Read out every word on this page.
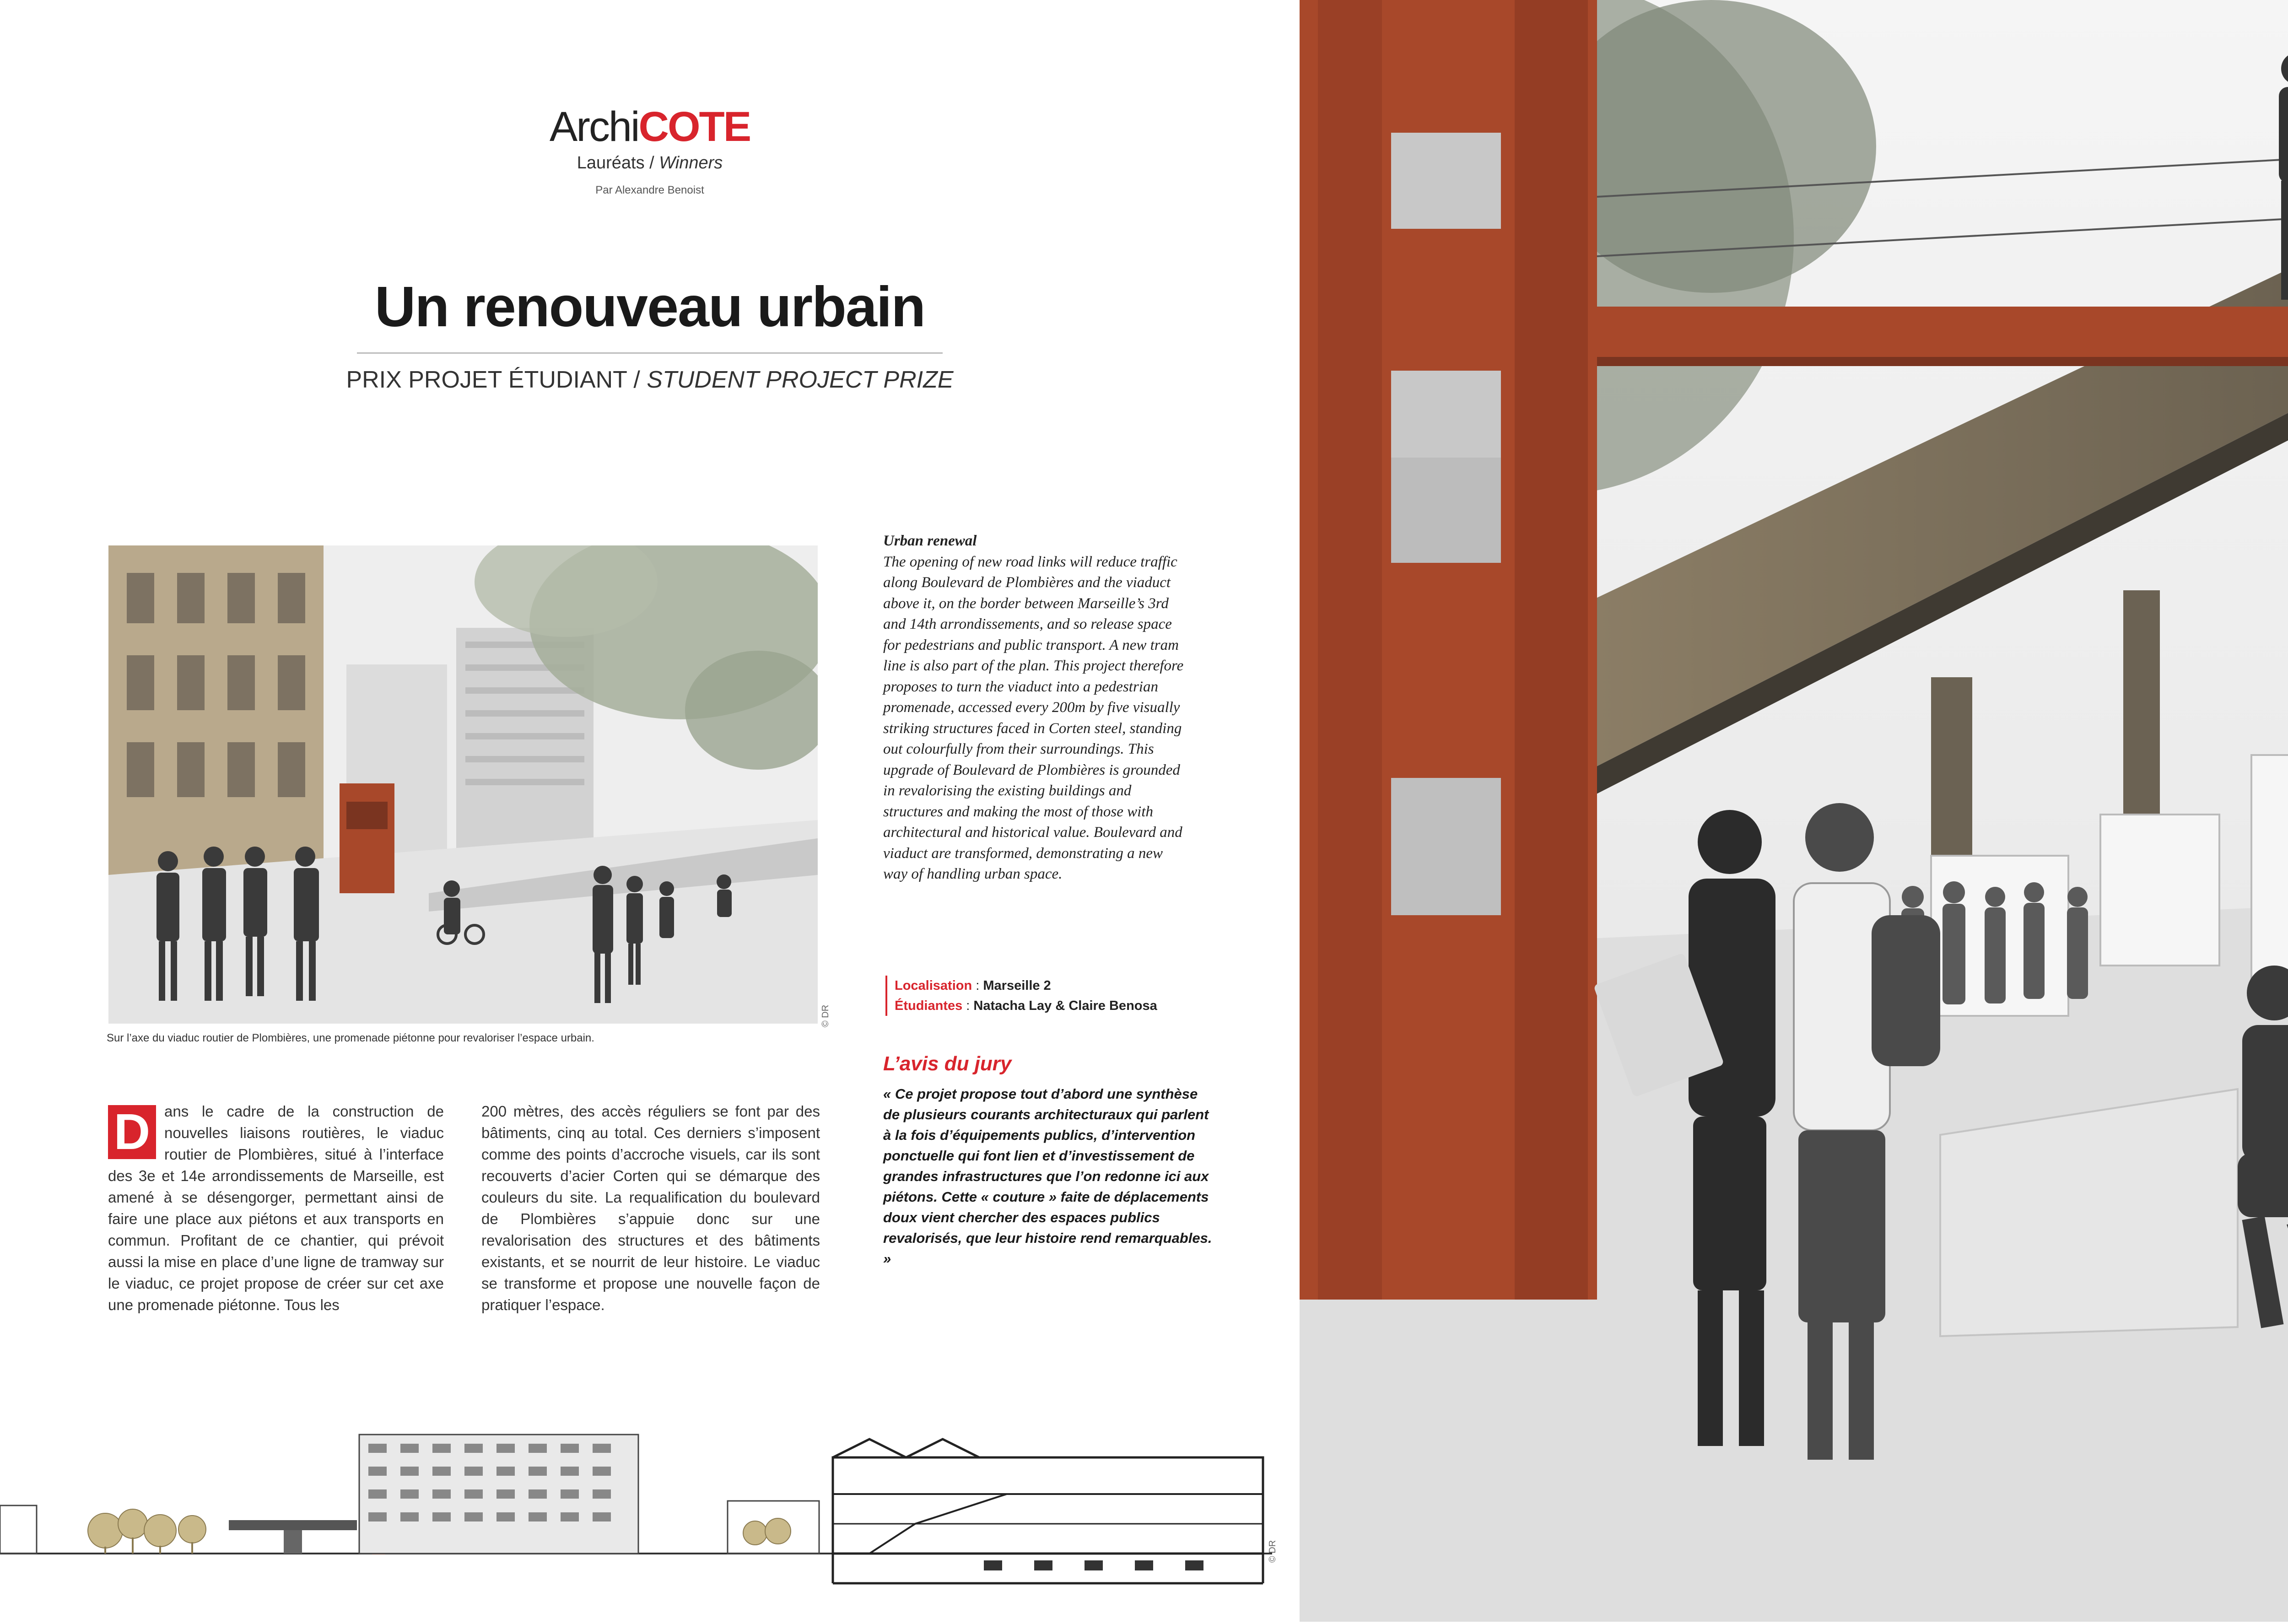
ArchiCOTE
Lauréats / Winners
Par Alexandre Benoist
Un renouveau urbain
PRIX PROJET ÉTUDIANT / STUDENT PROJECT PRIZE
Sur l’axe du viaduc routier de Plombières, une promenade piétonne pour revaloriser l’espace urbain.
© DR
D ans le cadre de la construction de nouvelles liaisons routières, le viaduc routier de Plombières, situé à l’interface des 3e et 14e arrondissements de Marseille, est amené à se désengorger, permettant ainsi de faire une place aux piétons et aux transports en commun. Profitant de ce chantier, qui prévoit aussi la mise en place d’une ligne de tramway sur le viaduc, ce projet propose de créer sur cet axe une promenade piétonne. Tous les
200 mètres, des accès réguliers se font par des bâtiments, cinq au total. Ces derniers s’imposent comme des points d’accroche visuels, car ils sont recouverts d’acier Corten qui se démarque des couleurs du site. La requalification du boulevard de Plombières s’appuie donc sur une revalorisation des structures et des bâtiments existants, et se nourrit de leur histoire. Le viaduc se transforme et propose une nouvelle façon de pratiquer l’espace.
Urban renewal
The opening of new road links will reduce traffic along Boulevard de Plombières and the viaduct above it, on the border between Marseille’s 3rd and 14th arrondissements, and so release space for pedestrians and public transport. A new tram line is also part of the plan. This project therefore proposes to turn the viaduct into a pedestrian promenade, accessed every 200m by five visually striking structures faced in Corten steel, standing out colourfully from their surroundings. This upgrade of Boulevard de Plombières is grounded in revalorising the existing buildings and structures and making the most of those with architectural and historical value. Boulevard and viaduct are transformed, demonstrating a new way of handling urban space.
Localisation : Marseille 2
Étudiantes : Natacha Lay & Claire Benosa
L’avis du jury
« Ce projet propose tout d’abord une synthèse de plusieurs courants architecturaux qui parlent à la fois d’équipements publics, d’intervention ponctuelle qui font lien et d’investissement de grandes infrastructures que l’on redonne ici aux piétons. Cette « couture » faite de déplacements doux vient chercher des espaces publics revalorisés, que leur histoire rend remarquables. »
© DR
